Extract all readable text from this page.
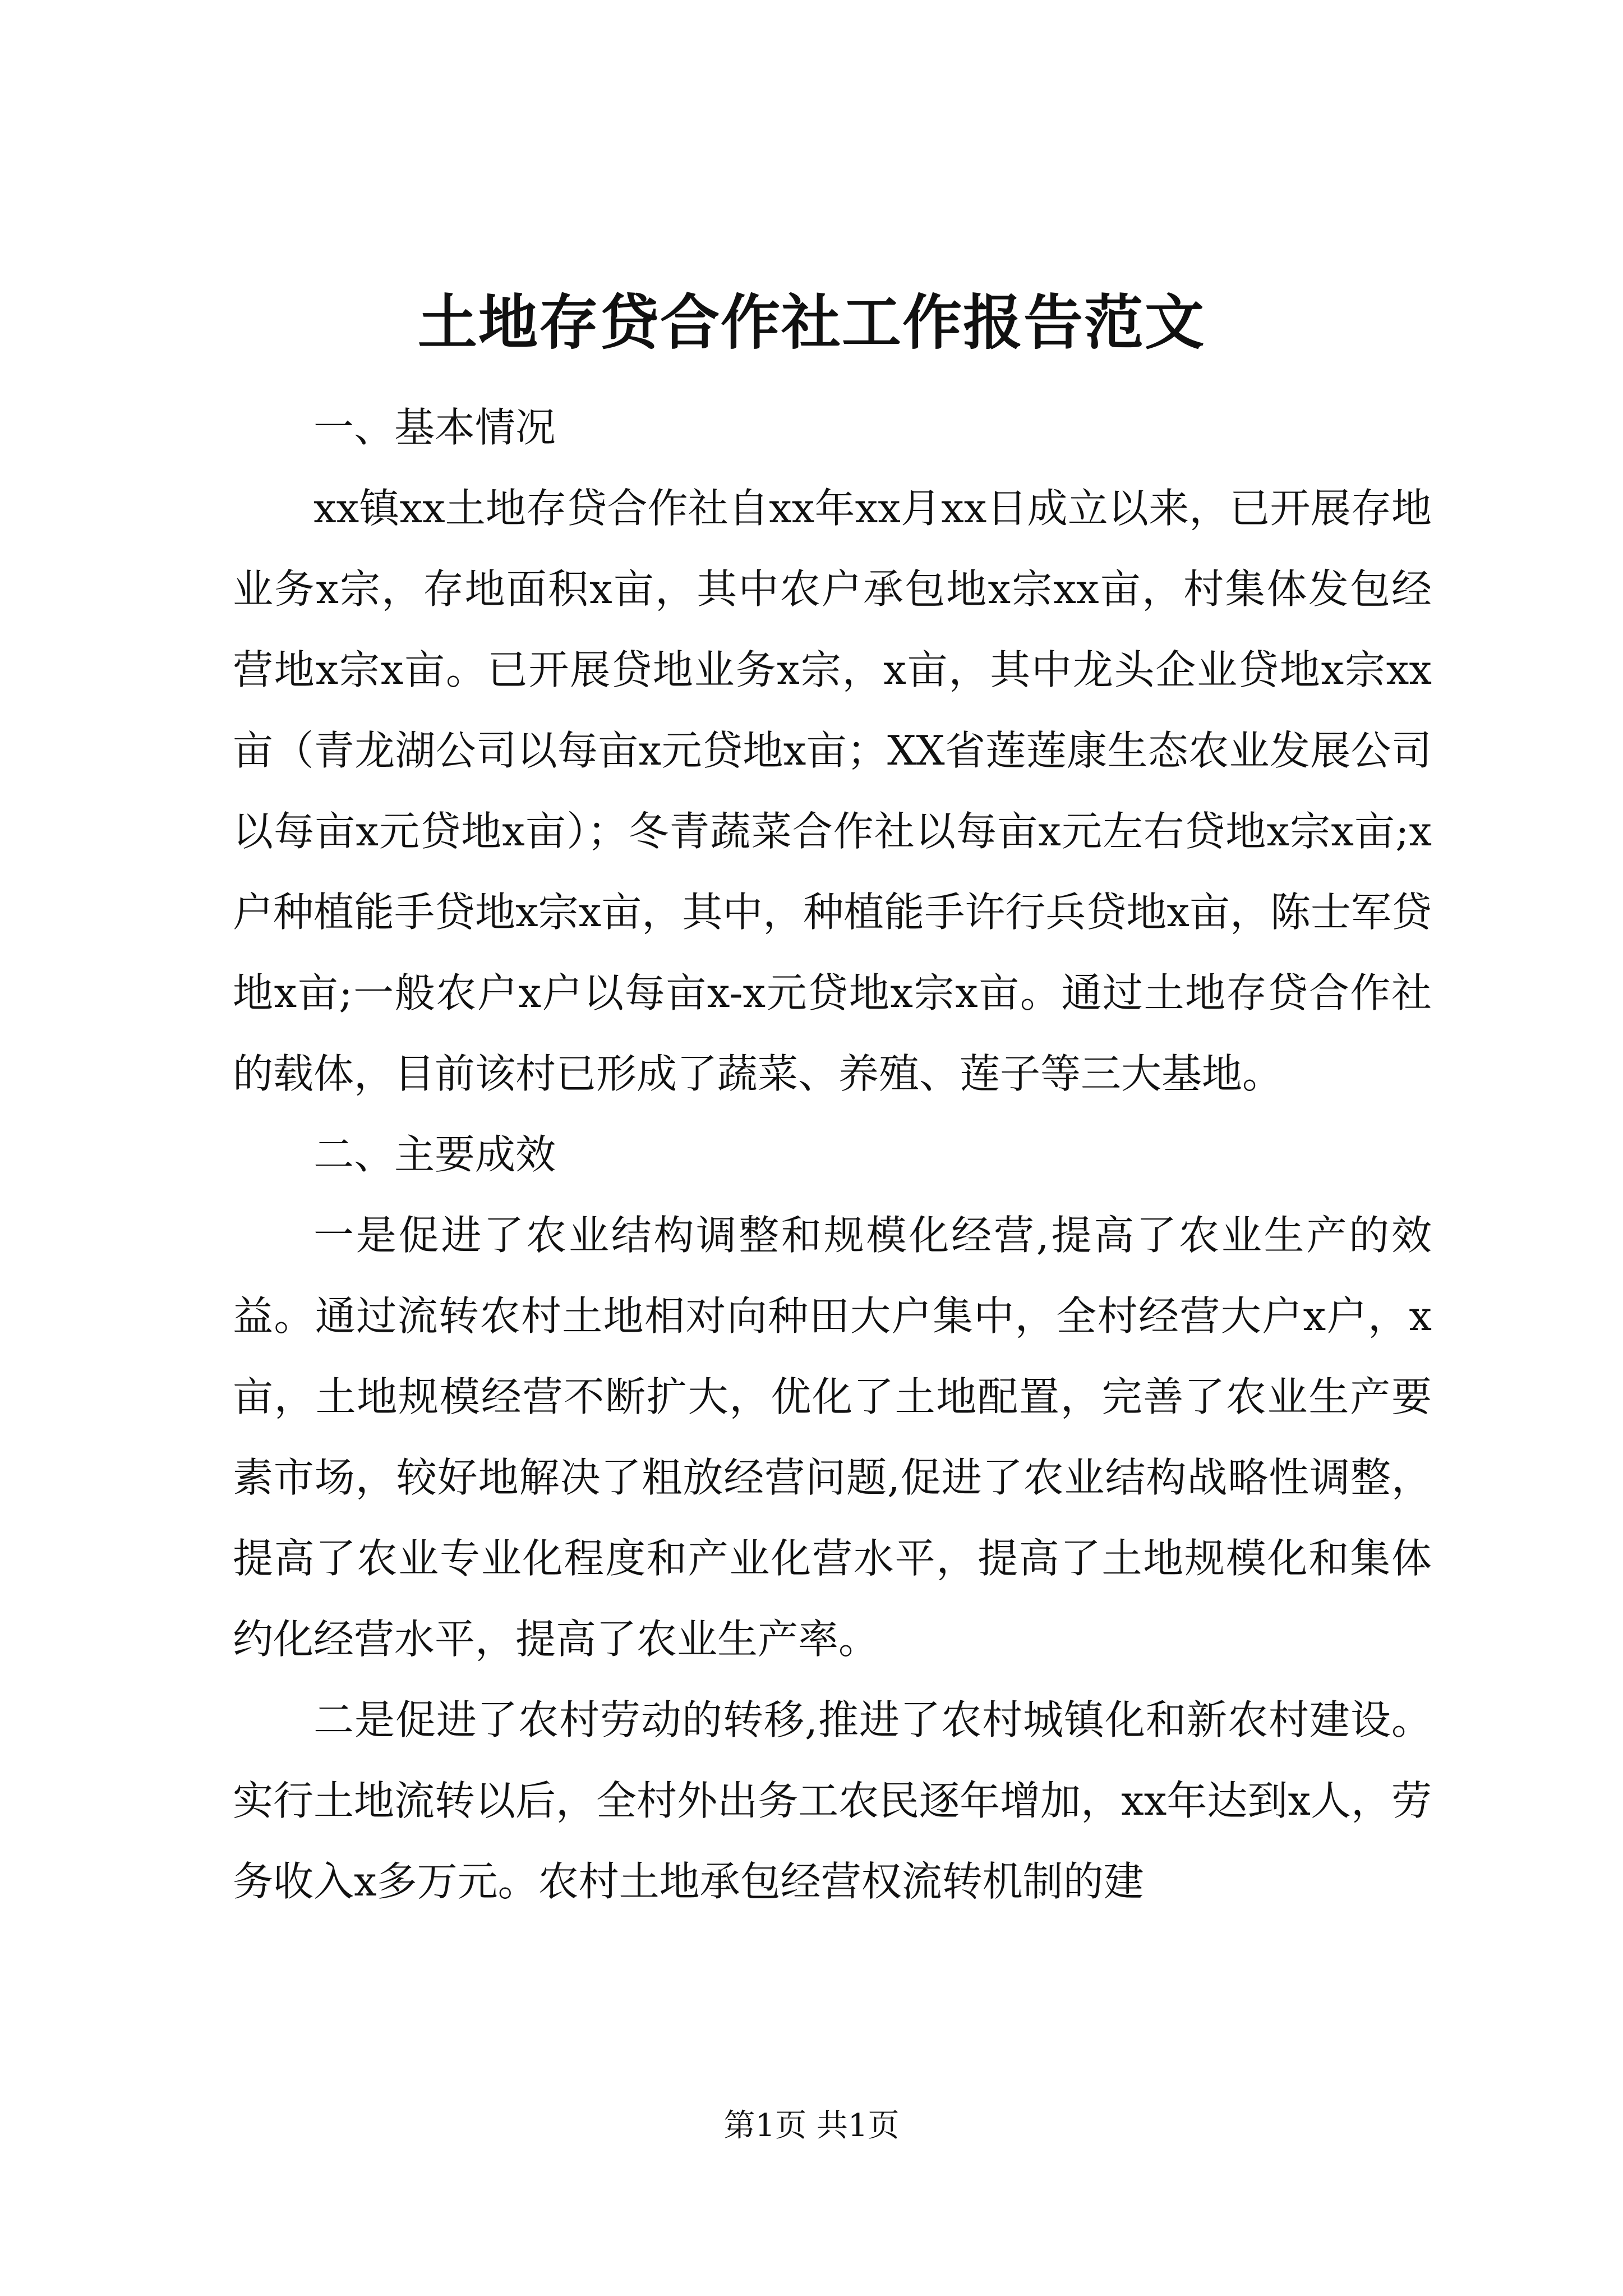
土地存贷合作社工作报告范文

一、基本情况

xx镇xx土地存贷合作社自xx年xx月xx日成立以来，已开展存地业务x宗，存地面积x亩，其中农户承包地x宗xx亩，村集体发包经营地x宗x亩。已开展贷地业务x宗，x亩，其中龙头企业贷地x宗xx亩（青龙湖公司以每亩x元贷地x亩；XX省莲莲康生态农业发展公司以每亩x元贷地x亩）；冬青蔬菜合作社以每亩x元左右贷地x宗x亩;x户种植能手贷地x宗x亩，其中，种植能手许行兵贷地x亩，陈士军贷地x亩;一般农户x户以每亩x-x元贷地x宗x亩。通过土地存贷合作社的载体，目前该村已形成了蔬菜、养殖、莲子等三大基地。

二、主要成效

一是促进了农业结构调整和规模化经营,提高了农业生产的效益。通过流转农村土地相对向种田大户集中，全村经营大户x户，x亩，土地规模经营不断扩大，优化了土地配置，完善了农业生产要素市场，较好地解决了粗放经营问题,促进了农业结构战略性调整，提高了农业专业化程度和产业化营水平，提高了土地规模化和集体约化经营水平，提高了农业生产率。

二是促进了农村劳动的转移,推进了农村城镇化和新农村建设。实行土地流转以后，全村外出务工农民逐年增加，xx年达到x人，劳务收入x多万元。农村土地承包经营权流转机制的建

第1页 共1页
